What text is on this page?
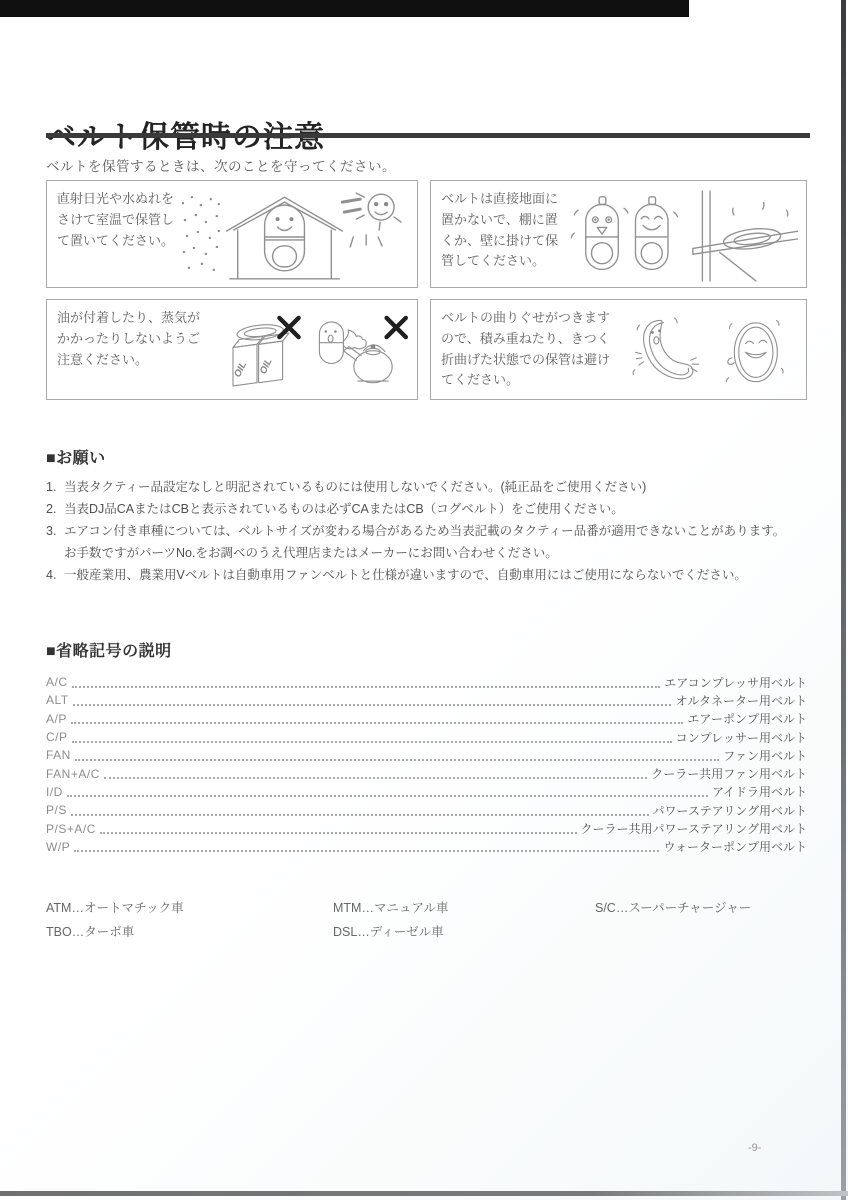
ベルトを保管するときは、次のことを守ってください。
直射日光や水ぬれをさけて室温で保管して置いてください。
ベルトは直接地面に置かないで、棚に置くか、壁に掛けて保管してください。
油が付着したり、蒸気がかかったりしないようご注意ください。
OIL OIL
ベルトの曲りぐせがつきますので、積み重ねたり、きつく折曲げた状態での保管は避けてください。
■お願い
1. 当表タクティー品設定なしと明記されているものには使用しないでください。(純正品をご使用ください)
2. 当表DJ品CAまたはCBと表示されているものは必ずCAまたはCB（コグベルト）をご使用ください。
3. エアコン付き車種については、ベルトサイズが変わる場合があるため当表記載のタクティー品番が適用できないことがあります。
お手数ですがパーツNo.をお調べのうえ代理店またはメーカーにお問い合わせください。
4. 一般産業用、農業用Vベルトは自動車用ファンベルトと仕様が違いますので、自動車用にはご使用にならないでください。
■省略記号の説明
A/C	エアコンプレッサ用ベルト
ALT	オルタネーター用ベルト
A/P	エアーポンプ用ベルト
C/P	コンプレッサー用ベルト
FAN	ファン用ベルト
FAN+A/C	クーラー共用ファン用ベルト
I/D	アイドラ用ベルト
P/S	パワーステアリング用ベルト
P/S+A/C	クーラー共用パワーステアリング用ベルト
W/P	ウォーターポンプ用ベルト
ATM…オートマチック車	MTM…マニュアル車	S/C…スーパーチャージャー
TBO…ターボ車	DSL…ディーゼル車
-9-
